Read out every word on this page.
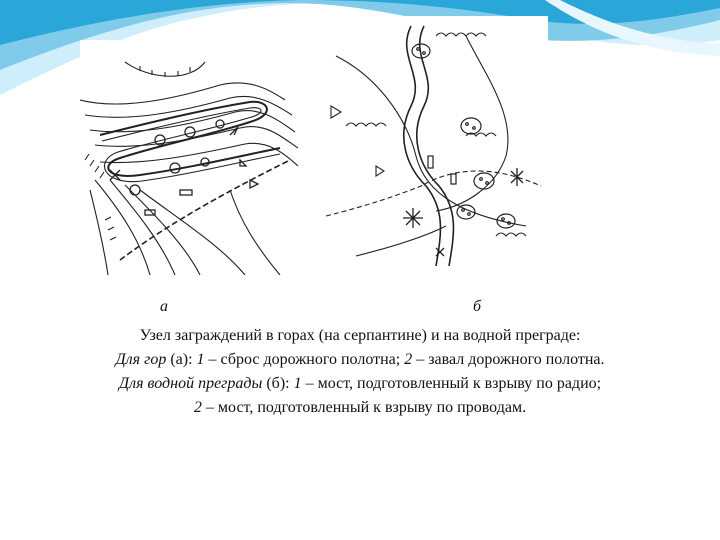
а	б
Узел заграждений в горах (на серпантине) и на водной преграде:
Для гор (а): 1 – сброс дорожного полотна; 2 – завал дорожного полотна.
Для водной преграды (б): 1 – мост, подготовленный к взрыву по радио;
2 – мост, подготовленный к взрыву по проводам.
